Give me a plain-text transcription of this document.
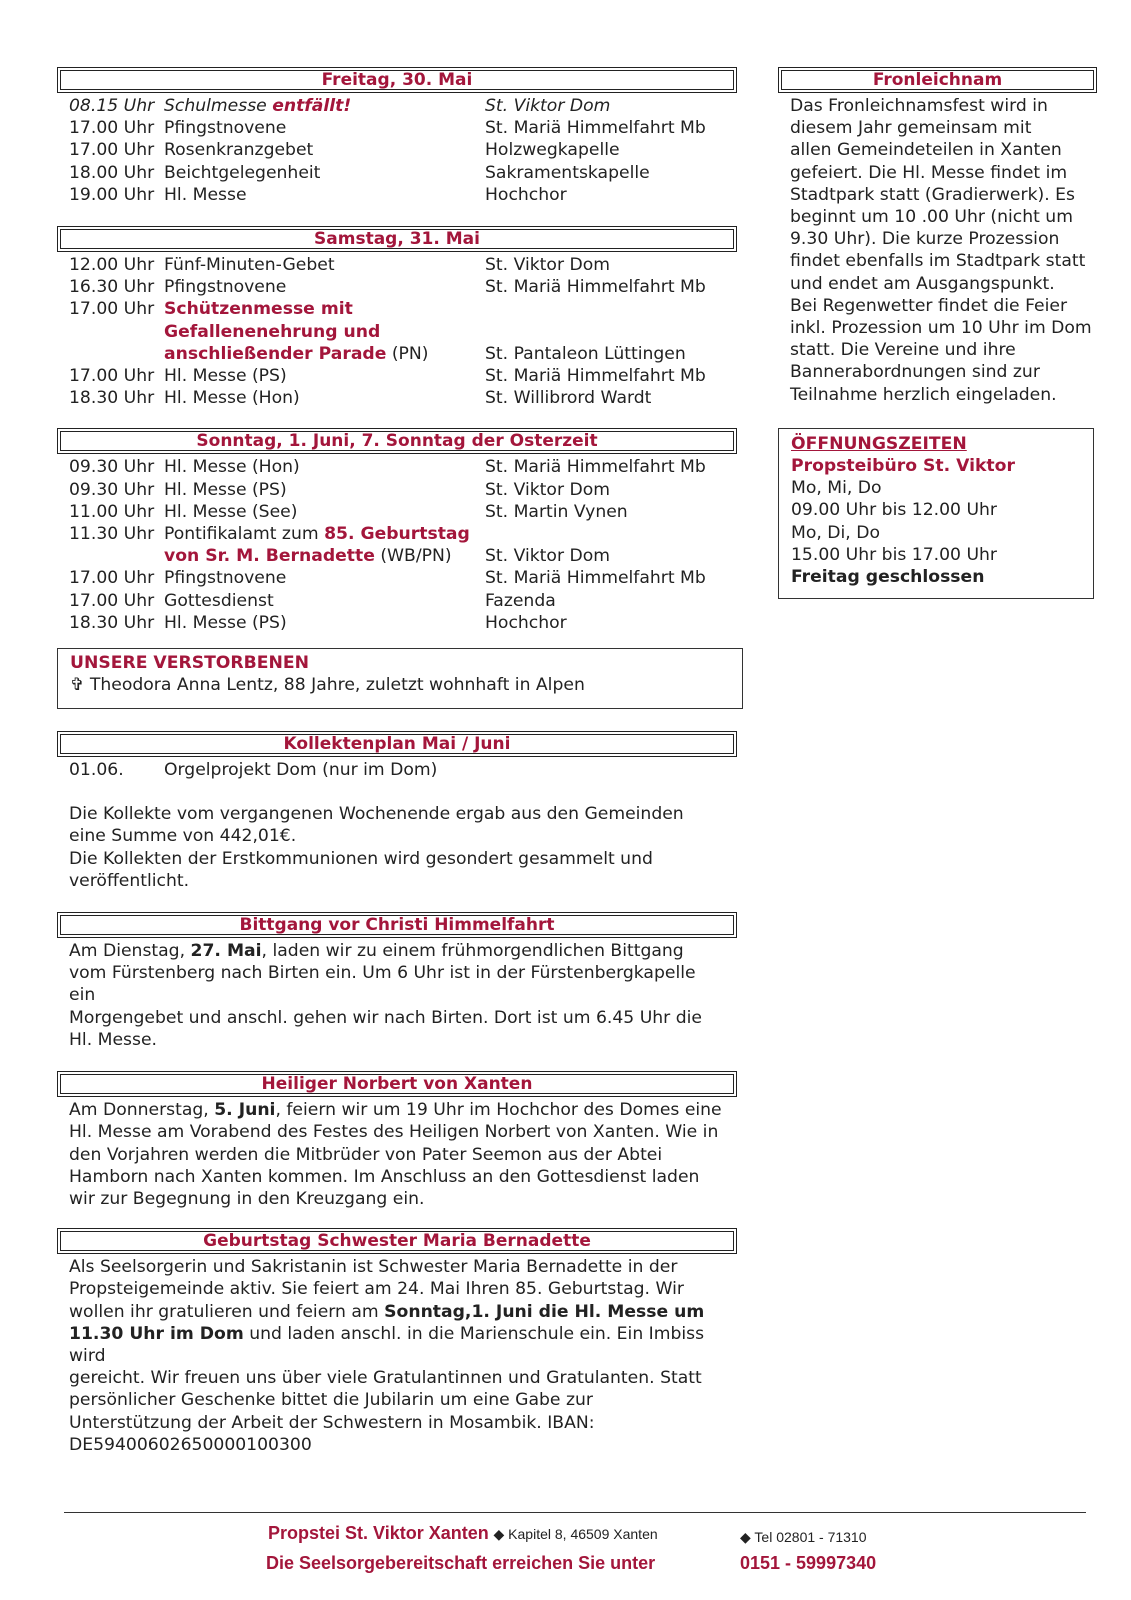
Freitag, 30. Mai
08.15 Uhr Schulmesse entfällt!	St. Viktor Dom
17.00 Uhr Pfingstnovene	St. Mariä Himmelfahrt Mb
17.00 Uhr Rosenkranzgebet	Holzwegkapelle
18.00 Uhr Beichtgelegenheit	Sakramentskapelle
19.00 Uhr Hl. Messe	Hochchor
Samstag, 31. Mai
12.00 Uhr Fünf-Minuten-Gebet	St. Viktor Dom
16.30 Uhr Pfingstnovene	St. Mariä Himmelfahrt Mb
17.00 Uhr Schützenmesse mit
Gefallenenehrung und
anschließender Parade (PN)	St. Pantaleon Lüttingen
17.00 Uhr Hl. Messe (PS)	St. Mariä Himmelfahrt Mb
18.30 Uhr Hl. Messe (Hon)	St. Willibrord Wardt
Sonntag, 1. Juni, 7. Sonntag der Osterzeit
09.30 Uhr Hl. Messe (Hon)	St. Mariä Himmelfahrt Mb
09.30 Uhr Hl. Messe (PS)	St. Viktor Dom
11.00 Uhr Hl. Messe (See)	St. Martin Vynen
11.30 Uhr Pontifikalamt zum 85. Geburtstag
von Sr. M. Bernadette (WB/PN)	St. Viktor Dom
17.00 Uhr Pfingstnovene	St. Mariä Himmelfahrt Mb
17.00 Uhr Gottesdienst	Fazenda
18.30 Uhr Hl. Messe (PS)	Hochchor
UNSERE VERSTORBENEN
✞ Theodora Anna Lentz, 88 Jahre, zuletzt wohnhaft in Alpen
Kollektenplan Mai / Juni
01.06.	Orgelprojekt Dom (nur im Dom)
Die Kollekte vom vergangenen Wochenende ergab aus den Gemeinden
eine Summe von 442,01€.
Die Kollekten der Erstkommunionen wird gesondert gesammelt und
veröffentlicht.
Bittgang vor Christi Himmelfahrt
Am Dienstag, 27. Mai, laden wir zu einem frühmorgendlichen Bittgang
vom Fürstenberg nach Birten ein. Um 6 Uhr ist in der Fürstenbergkapelle ein
Morgengebet und anschl. gehen wir nach Birten. Dort ist um 6.45 Uhr die
Hl. Messe.
Heiliger Norbert von Xanten
Am Donnerstag, 5. Juni, feiern wir um 19 Uhr im Hochchor des Domes eine
Hl. Messe am Vorabend des Festes des Heiligen Norbert von Xanten. Wie in
den Vorjahren werden die Mitbrüder von Pater Seemon aus der Abtei
Hamborn nach Xanten kommen. Im Anschluss an den Gottesdienst laden
wir zur Begegnung in den Kreuzgang ein.
Geburtstag Schwester Maria Bernadette
Als Seelsorgerin und Sakristanin ist Schwester Maria Bernadette in der
Propsteigemeinde aktiv. Sie feiert am 24. Mai Ihren 85. Geburtstag. Wir
wollen ihr gratulieren und feiern am Sonntag,1. Juni die Hl. Messe um
11.30 Uhr im Dom und laden anschl. in die Marienschule ein. Ein Imbiss wird
gereicht. Wir freuen uns über viele Gratulantinnen und Gratulanten. Statt
persönlicher Geschenke bittet die Jubilarin um eine Gabe zur
Unterstützung der Arbeit der Schwestern in Mosambik. IBAN:
DE59400602650000100300
Fronleichnam
Das Fronleichnamsfest wird in
diesem Jahr gemeinsam mit
allen Gemeindeteilen in Xanten
gefeiert. Die Hl. Messe findet im
Stadtpark statt (Gradierwerk). Es
beginnt um 10 .00 Uhr (nicht um
9.30 Uhr). Die kurze Prozession
findet ebenfalls im Stadtpark statt
und endet am Ausgangspunkt.
Bei Regenwetter findet die Feier
inkl. Prozession um 10 Uhr im Dom
statt. Die Vereine und ihre
Bannerabordnungen sind zur
Teilnahme herzlich eingeladen.
ÖFFNUNGSZEITEN
Propsteibüro St. Viktor
Mo, Mi, Do
09.00 Uhr bis 12.00 Uhr
Mo, Di, Do
15.00 Uhr bis 17.00 Uhr
Freitag geschlossen
Propstei St. Viktor Xanten ◆ Kapitel 8, 46509 Xanten	◆ Tel 02801 - 71310
Die Seelsorgebereitschaft erreichen Sie unter	0151 - 59997340
